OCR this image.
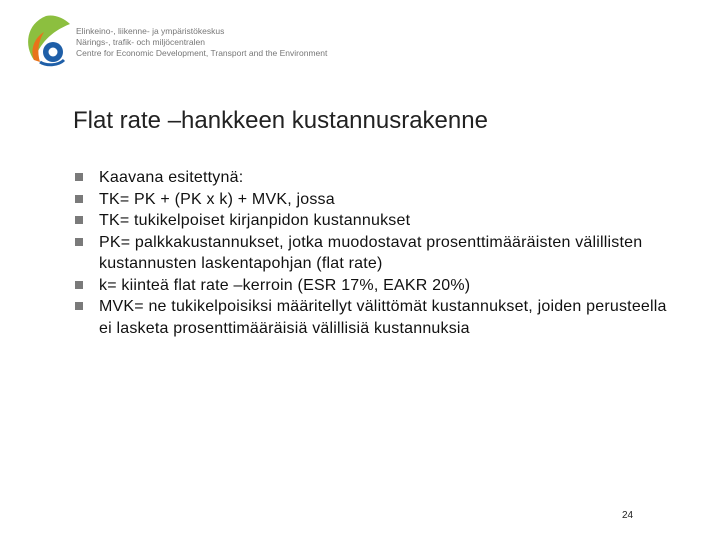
Elinkeino-, liikenne- ja ympäristökeskus
Närings-, trafik- och miljöcentralen
Centre for Economic Development, Transport and the Environment
Flat rate –hankkeen kustannusrakenne
Kaavana esitettynä:
TK= PK + (PK x k) + MVK, jossa
TK= tukikelpoiset kirjanpidon kustannukset
PK= palkkakustannukset, jotka muodostavat prosenttimääräisten välillisten kustannusten laskentapohjan (flat rate)
k= kiinteä flat rate –kerroin (ESR 17%, EAKR 20%)
MVK= ne tukikelpoisiksi määritellyt välittömät kustannukset, joiden perusteella ei lasketa prosenttimääräisiä välillisiä kustannuksia
24
